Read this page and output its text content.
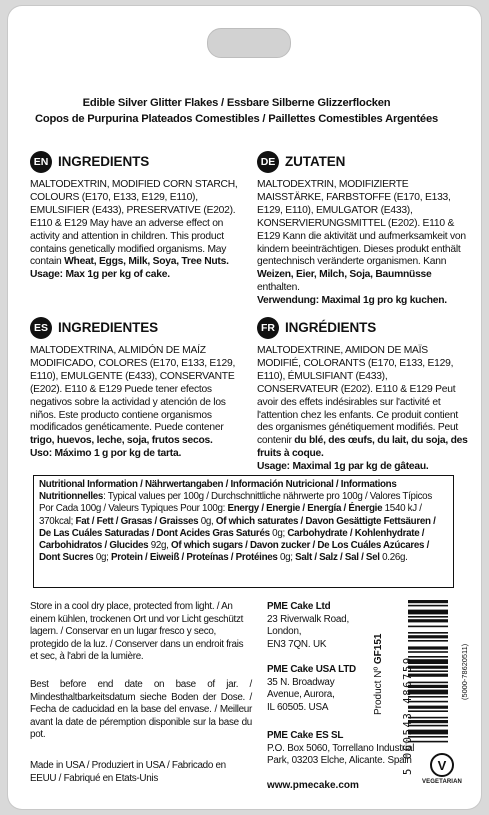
Edible Silver Glitter Flakes / Essbare Silberne Glizzerflocken
Copos de Purpurina Plateados Comestibles / Paillettes Comestibles Argentées
EN INGREDIENTS
MALTODEXTRIN, MODIFIED CORN STARCH, COLOURS (E170, E133, E129, E110), EMULSIFIER (E433), PRESERVATIVE (E202). E110 & E129 May have an adverse effect on activity and attention in children. This product contains genetically modified organisms. May contain Wheat, Eggs, Milk, Soya, Tree Nuts.
Usage: Max 1g per kg of cake.
DE ZUTATEN
MALTODEXTRIN, MODIFIZIERTE MAISSTÄRKE, FARBSTOFFE (E170, E133, E129, E110), EMULGATOR (E433), KONSERVIERUNGSMITTEL (E202). E110 & E129 Kann die aktivität und aufmerksamkeit von kindern beeinträchtigen. Dieses produkt enthält gentechnisch veränderte organismen. Kann Weizen, Eier, Milch, Soja, Baumnüsse enthalten.
Verwendung: Maximal 1g pro kg kuchen.
ES INGREDIENTES
MALTODEXTRINA, ALMIDÓN DE MAÍZ MODIFICADO, COLORES (E170, E133, E129, E110), EMULGENTE (E433), CONSERVANTE (E202). E110 & E129 Puede tener efectos negativos sobre la actividad y atención de los niños. Este producto contiene organismos modificados genéticamente. Puede contener trigo, huevos, leche, soja, frutos secos.
Uso: Máximo 1 g por kg de tarta.
FR INGRÉDIENTS
MALTODEXTRINE, AMIDON DE MAÏS MODIFIÉ, COLORANTS (E170, E133, E129, E110), ÉMULSIFIANT (E433), CONSERVATEUR (E202). E110 & E129 Peut avoir des effets indésirables sur l'activité et l'attention chez les enfants. Ce produit contient des organismes génétiquement modifiés. Peut contenir du blé, des œufs, du lait, du soja, des fruits à coque.
Usage: Maximal 1g par kg de gâteau.
Nutritional Information / Nährwertangaben / Información Nutricional / Informations Nutritionnelles: Typical values per 100g / Durchschnittliche nährwerte pro 100g / Valores Típicos Por Cada 100g / Valeurs Typiques Pour 100g: Energy / Energie / Energía / Énergie 1540 kJ / 370kcal; Fat / Fett / Grasas / Graisses 0g, Of which saturates / Davon Gesättigte Fettsäuren / De Las Cuáles Saturadas / Dont Acides Gras Saturés 0g; Carbohydrate / Kohlenhydrate / Carbohidratos / Glucides 92g, Of which sugars / Davon zucker / De Los Cuáles Azúcares / Dont Sucres 0g; Protein / Eiweiß / Proteínas / Protéines 0g; Salt / Salz / Sal / Sel 0.26g.
Store in a cool dry place, protected from light. / An einem kühlen, trockenen Ort und vor Licht geschützt lagern. / Conservar en un lugar fresco y seco, protegido de la luz. / Conserver dans un endroit frais et sec, à l'abri de la lumière.
Best before end date on base of jar. / Mindesthaltbarkeitsdatum sieche Boden der Dose. / Fecha de caducidad en la base del envase. / Meilleur avant la date de péremption disponible sur la base du pot.
Made in USA / Produziert in USA / Fabricado en EEUU / Fabriqué en Etats-Unis
PME Cake Ltd
23 Riverwalk Road,
London,
EN3 7QN. UK
PME Cake USA LTD
35 N. Broadway
Avenue, Aurora,
IL 60505. USA
PME Cake ES SL
P.O. Box 5060, Torrellano Industrial
Park, 03203 Elche, Alicante. Spain
www.pmecake.com
Product Nº GF151
5 060543 486759	(5000-78620511)
V
VEGETARIAN
